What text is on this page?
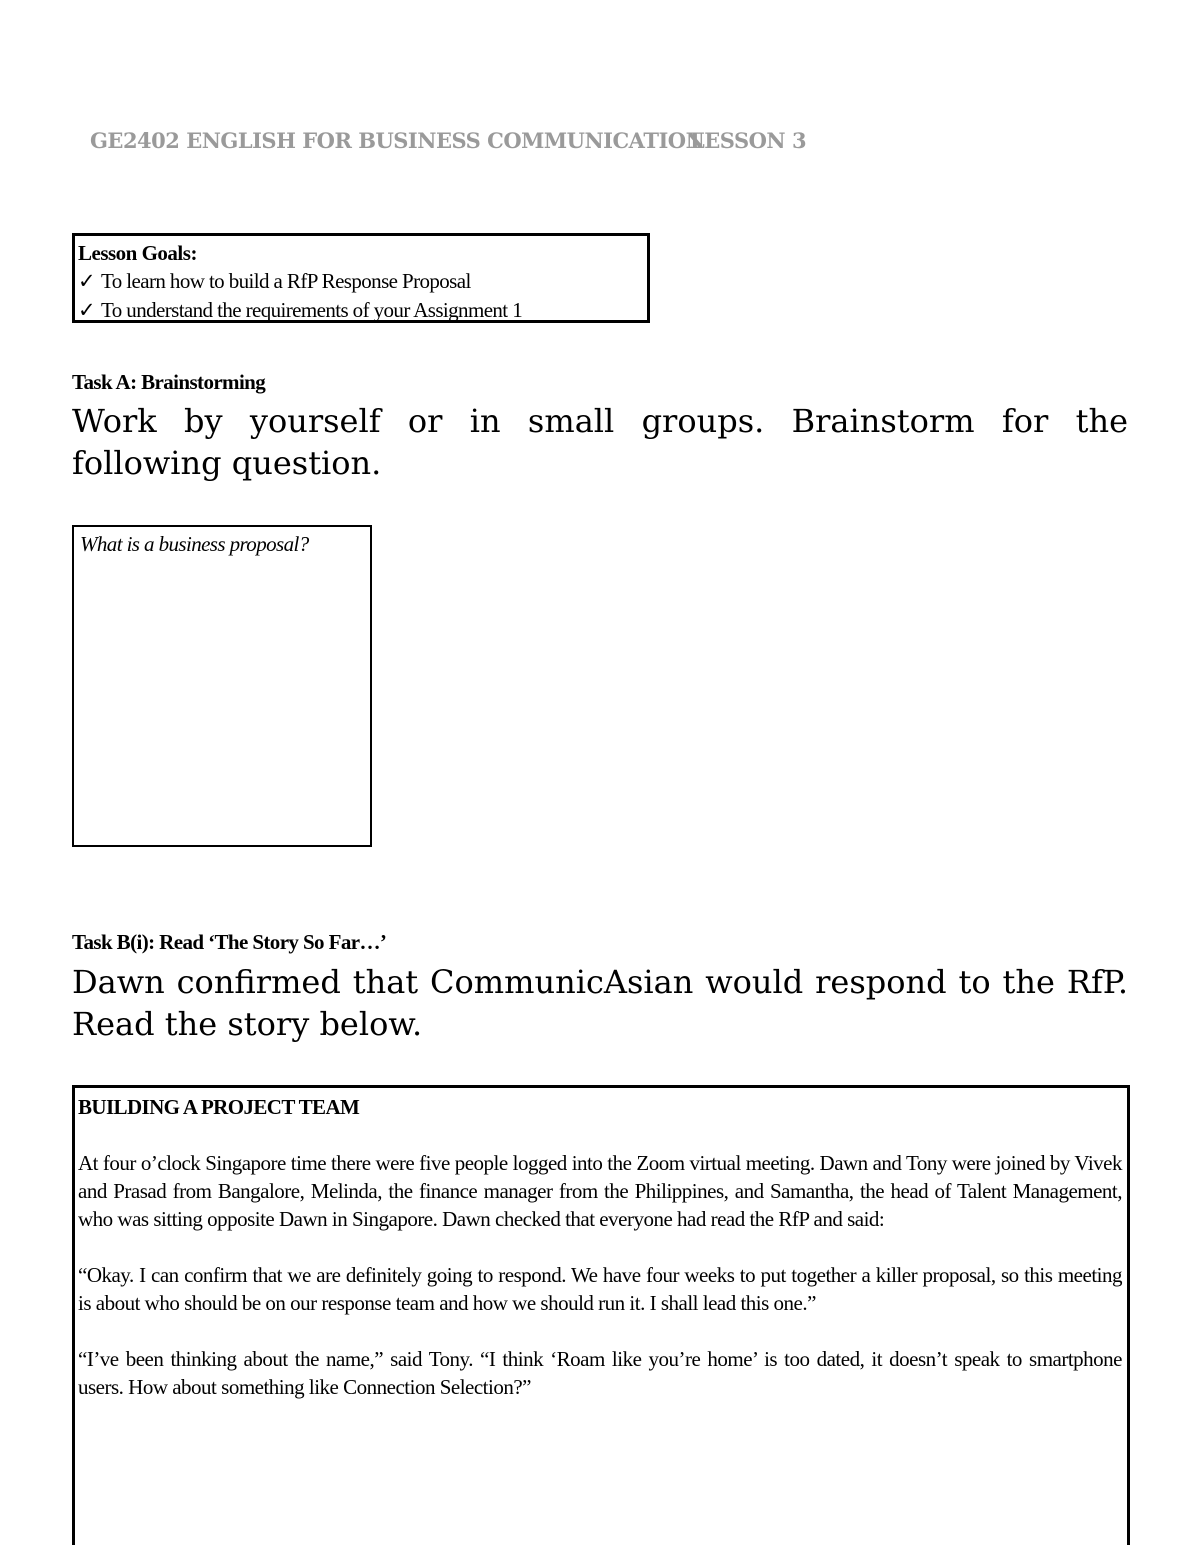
GE2402 ENGLISH FOR BUSINESS COMMUNICATION
LESSON 3
Lesson Goals:
✓ To learn how to build a RfP Response Proposal
✓ To understand the requirements of your Assignment 1
Task A: Brainstorming
Work by yourself or in small groups. Brainstorm for the following question.
What is a business proposal?
Task B(i): Read ‘The Story So Far…’
Dawn confirmed that CommunicAsian would respond to the RfP. Read the story below.
BUILDING A PROJECT TEAM

At four o’clock Singapore time there were five people logged into the Zoom virtual meeting. Dawn and Tony were joined by Vivek and Prasad from Bangalore, Melinda, the finance manager from the Philippines, and Samantha, the head of Talent Management, who was sitting opposite Dawn in Singapore. Dawn checked that everyone had read the RfP and said:

“Okay. I can confirm that we are definitely going to respond. We have four weeks to put together a killer proposal, so this meeting is about who should be on our response team and how we should run it. I shall lead this one.”

“I’ve been thinking about the name,” said Tony. “I think ‘Roam like you’re home’ is too dated, it doesn’t speak to smartphone users. How about something like Connection Selection?”
